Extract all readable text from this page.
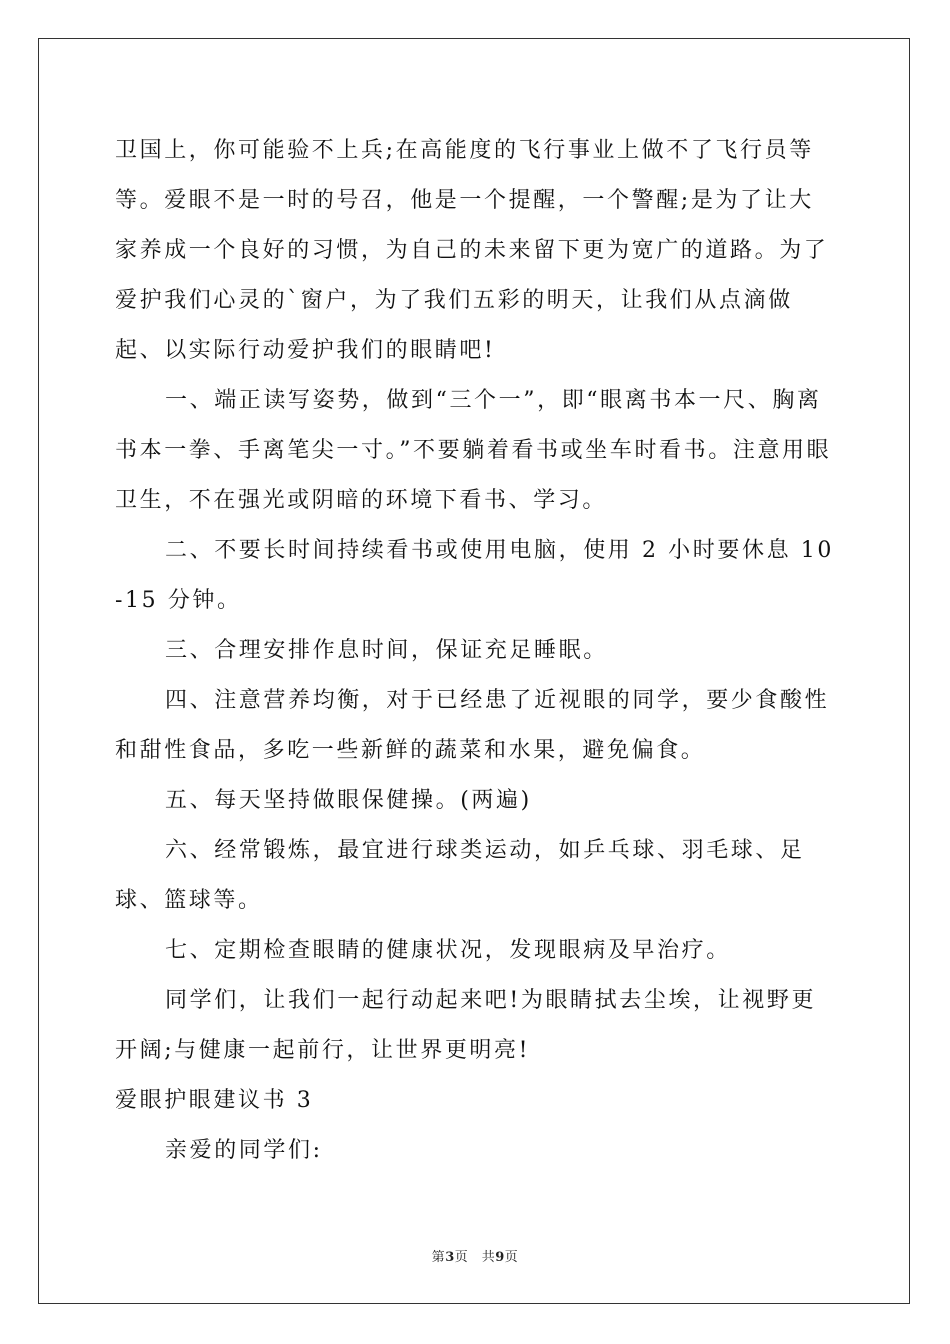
卫国上，你可能验不上兵;在高能度的飞行事业上做不了飞行员等等。爱眼不是一时的号召，他是一个提醒，一个警醒;是为了让大家养成一个良好的习惯，为自己的未来留下更为宽广的道路。为了爱护我们心灵的`窗户，为了我们五彩的明天，让我们从点滴做起、以实际行动爱护我们的眼睛吧!

一、端正读写姿势，做到“三个一”，即“眼离书本一尺、胸离书本一拳、手离笔尖一寸。”不要躺着看书或坐车时看书。注意用眼卫生，不在强光或阴暗的环境下看书、学习。

二、不要长时间持续看书或使用电脑，使用 2 小时要休息 10-15 分钟。

三、合理安排作息时间，保证充足睡眠。

四、注意营养均衡，对于已经患了近视眼的同学，要少食酸性和甜性食品，多吃一些新鲜的蔬菜和水果，避免偏食。

五、每天坚持做眼保健操。(两遍)

六、经常锻炼，最宜进行球类运动，如乒乓球、羽毛球、足球、篮球等。

七、定期检查眼睛的健康状况，发现眼病及早治疗。

同学们，让我们一起行动起来吧!为眼睛拭去尘埃，让视野更开阔;与健康一起前行，让世界更明亮!

爱眼护眼建议书 3

亲爱的同学们:

第3页　共9页
